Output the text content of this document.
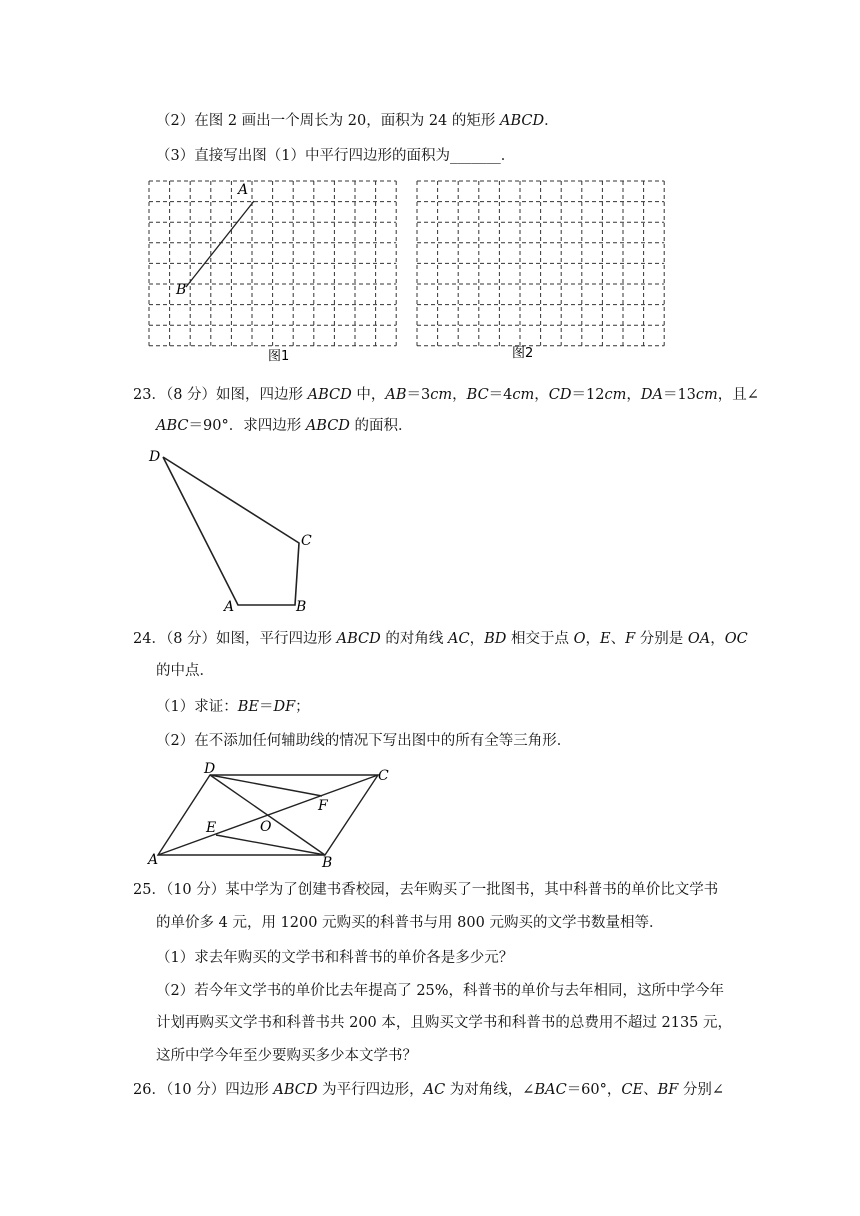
（2）在图 2 画出一个周长为 20，面积为 24 的矩形 ABCD．
（3）直接写出图（1）中平行四边形的面积为_______．
A
B
图1	图2
23．（8 分）如图，四边形 ABCD 中，AB＝3cm，BC＝4cm，CD＝12cm，DA＝13cm，且∠
ABC＝90°．求四边形 ABCD 的面积．
D
C
A	B
24．（8 分）如图，平行四边形 ABCD 的对角线 AC，BD 相交于点 O，E、F 分别是 OA，OC
的中点．
（1）求证：BE＝DF；
（2）在不添加任何辅助线的情况下写出图中的所有全等三角形．
D	C
F
E	O
A	B
25．（10 分）某中学为了创建书香校园，去年购买了一批图书，其中科普书的单价比文学书
的单价多 4 元，用 1200 元购买的科普书与用 800 元购买的文学书数量相等．
（1）求去年购买的文学书和科普书的单价各是多少元？
（2）若今年文学书的单价比去年提高了 25%，科普书的单价与去年相同，这所中学今年
计划再购买文学书和科普书共 200 本，且购买文学书和科普书的总费用不超过 2135 元，
这所中学今年至少要购买多少本文学书？
26．（10 分）四边形 ABCD 为平行四边形，AC 为对角线，∠BAC＝60°，CE、BF 分别∠
